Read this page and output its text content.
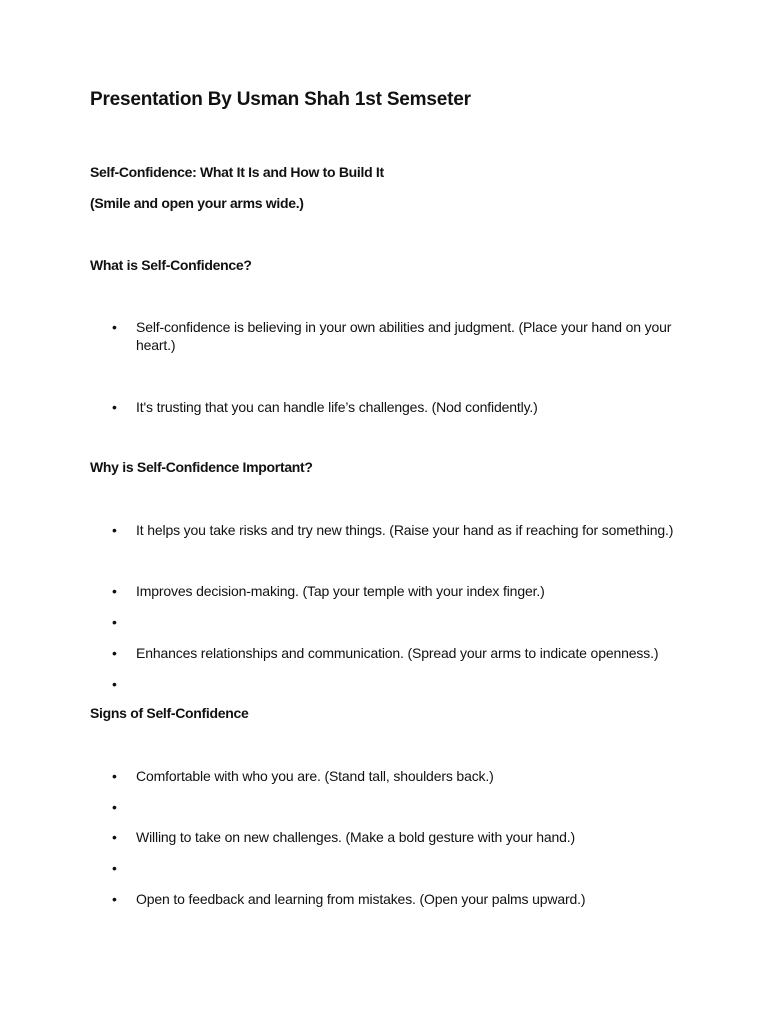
Presentation By Usman Shah 1st Semseter
Self-Confidence: What It Is and How to Build It
(Smile and open your arms wide.)
What is Self-Confidence?
•	Self-confidence is believing in your own abilities and judgment. (Place your hand on your heart.)
•	It's trusting that you can handle life’s challenges. (Nod confidently.)
Why is Self-Confidence Important?
•	It helps you take risks and try new things. (Raise your hand as if reaching for something.)
•	Improves decision-making. (Tap your temple with your index finger.)
•
•	Enhances relationships and communication. (Spread your arms to indicate openness.)
•
Signs of Self-Confidence
•	Comfortable with who you are. (Stand tall, shoulders back.)
•
•	Willing to take on new challenges. (Make a bold gesture with your hand.)
•
•	Open to feedback and learning from mistakes. (Open your palms upward.)
